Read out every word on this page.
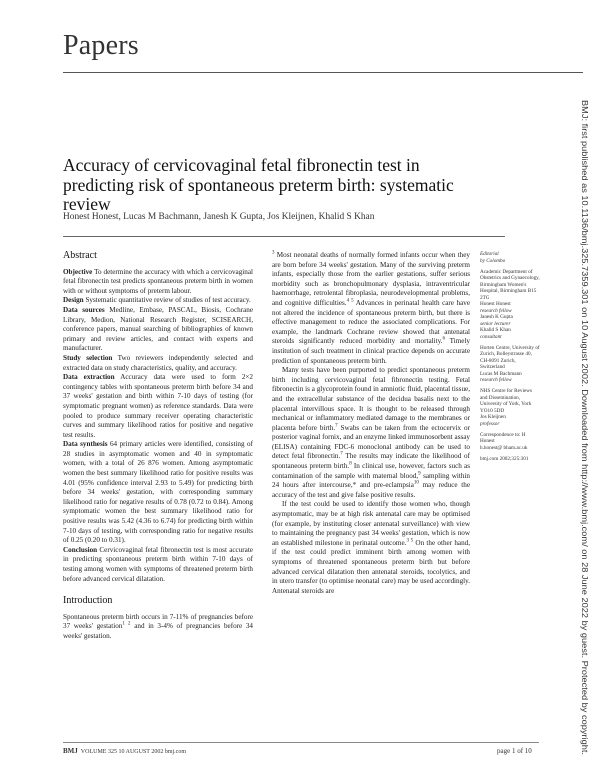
Papers
Accuracy of cervicovaginal fetal fibronectin test in predicting risk of spontaneous preterm birth: systematic review
Honest Honest, Lucas M Bachmann, Janesh K Gupta, Jos Kleijnen, Khalid S Khan
Abstract

Objective To determine the accuracy with which a cervicovaginal fetal fibronectin test predicts spontaneous preterm birth in women with or without symptoms of preterm labour.

Design Systematic quantitative review of studies of test accuracy.

Data sources Medline, Embase, PASCAL, Biosis, Cochrane Library, Medion, National Research Register, SCISEARCH, conference papers, manual searching of bibliographies of known primary and review articles, and contact with experts and manufacturer.

Study selection Two reviewers independently selected and extracted data on study characteristics, quality, and accuracy.

Data extraction Accuracy data were used to form 2×2 contingency tables with spontaneous preterm birth before 34 and 37 weeks' gestation and birth within 7-10 days of testing (for symptomatic pregnant women) as reference standards. Data were pooled to produce summary receiver operating characteristic curves and summary likelihood ratios for positive and negative test results.

Data synthesis 64 primary articles were identified, consisting of 28 studies in asymptomatic women and 40 in symptomatic women, with a total of 26 876 women. Among asymptomatic women the best summary likelihood ratio for positive results was 4.01 (95% confidence interval 2.93 to 5.49) for predicting birth before 34 weeks' gestation, with corresponding summary likelihood ratio for negative results of 0.78 (0.72 to 0.84). Among symptomatic women the best summary likelihood ratio for positive results was 5.42 (4.36 to 6.74) for predicting birth within 7-10 days of testing, with corresponding ratio for negative results of 0.25 (0.20 to 0.31).

Conclusion Cervicovaginal fetal fibronectin test is most accurate in predicting spontaneous preterm birth within 7-10 days of testing among women with symptoms of threatened preterm birth before advanced cervical dilatation.

Introduction

Spontaneous preterm birth occurs in 7-11% of pregnancies before 37 weeks' gestation$^{1 2}$ and in 3-4% of pregnancies before 34 weeks' gestation.

$^3$ Most neonatal deaths of normally formed infants occur when they are born before 34 weeks' gestation. Many of the surviving preterm infants, especially those from the earlier gestations, suffer serious morbidity such as bronchopulmonary dysplasia, intraventricular haemorrhage, retrolental fibroplasia, neurodevelopmental problems, and cognitive difficulties.$^{4 5}$ Advances in perinatal health care have not altered the incidence of spontaneous preterm birth, but there is effective management to reduce the associated complications. For example, the landmark Cochrane review showed that antenatal steroids significantly reduced morbidity and mortality.$^6$ Timely institution of such treatment in clinical practice depends on accurate prediction of spontaneous preterm birth.

Many tests have been purported to predict spontaneous preterm birth including cervicovaginal fetal fibronectin testing. Fetal fibronectin is a glycoprotein found in amniotic fluid, placental tissue, and the extracellular substance of the decidua basalis next to the placental intervillous space. It is thought to be released through mechanical or inflammatory mediated damage to the membranes or placenta before birth.$^7$ Swabs can be taken from the ectocervix or posterior vaginal fornix, and an enzyme linked immunosorbent assay (ELISA) containing FDC-6 monoclonal antibody can be used to detect fetal fibronectin.$^7$ The results may indicate the likelihood of spontaneous preterm birth.$^8$ In clinical use, however, factors such as contamination of the sample with maternal blood,$^9$ sampling within 24 hours after intercourse,* and pre-eclampsia$^{10}$ may reduce the accuracy of the test and give false positive results.

If the test could be used to identify those women who, though asymptomatic, may be at high risk antenatal care may be optimised (for example, by instituting closer antenatal surveillance) with view to maintaining the pregnancy past 34 weeks' gestation, which is now an established milestone in perinatal outcome.$^{3 5}$ On the other hand, if the test could predict imminent birth among women with symptoms of threatened spontaneous preterm birth but before advanced cervical dilatation then antenatal steroids, tocolytics, and in utero transfer (to optimise neonatal care) may be used accordingly. Antenatal steroids are

Editorial
by Colombo
Academic Department of Obstetrics and Gynaecology, Birmingham Women's Hospital, Birmingham B15 2TG
Honest Honest
research fellow
Janesh K Gupta
senior lecturer
Khalid S Khan
consultant
Horten Centre, University of Zurich, Bolleystrasse 40, CH-8091 Zurich, Switzerland
Lucas M Bachmann
research fellow
NHS Centre for Reviews and Dissemination, University of York, York YO10 5DD
Jos Kleijnen
professor
Correspondence to: H Honest
h.honest@ bham.ac.uk
bmj.com 2002;325:301
BMJ VOLUME 325 10 AUGUST 2002 bmj.com	page 1 of 10
BMJ: first published as 10.1136/bmj.325.7359.301 on 10 August 2002. Downloaded from http://www.bmj.com/ on 28 June 2022 by guest. Protected by copyright.
